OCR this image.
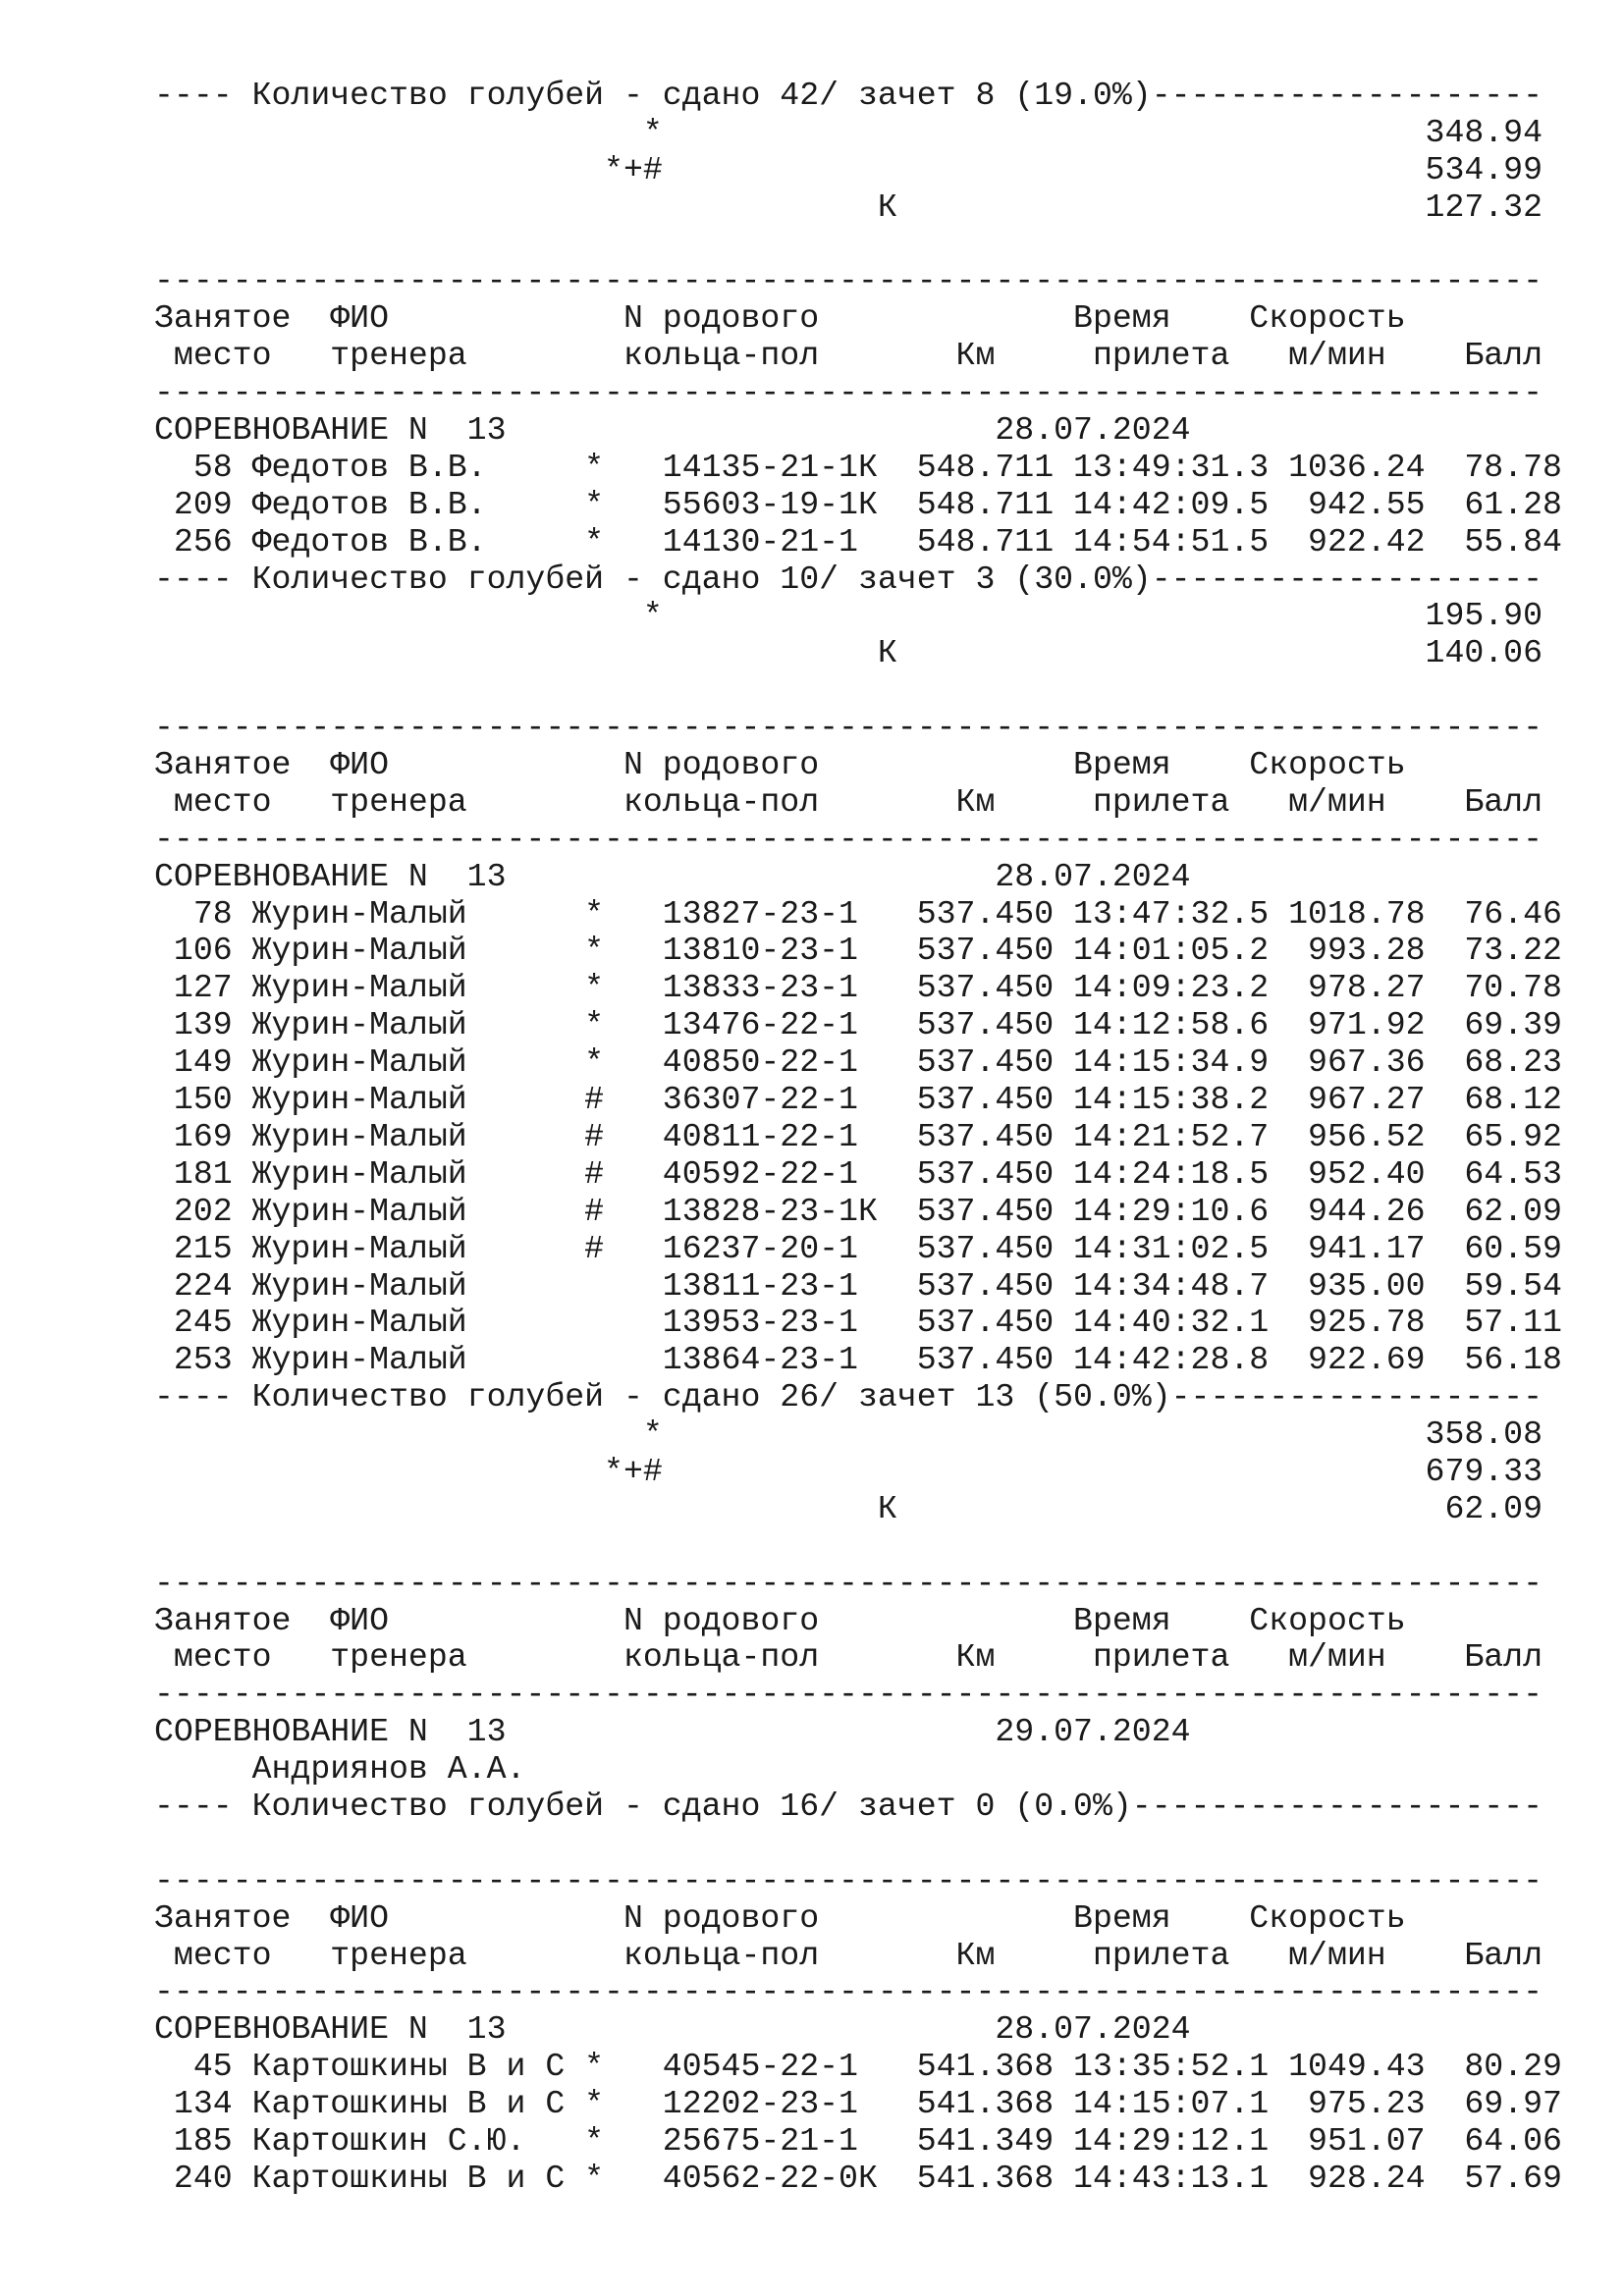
---- Количество голубей - сдано 42/ зачет 8 (19.0%)--------------------
*                                       348.94
*+#                                       534.99
К                           127.32

-----------------------------------------------------------------------
Занятое  ФИО            N родового             Время    Скорость
место   тренера        кольца-пол       Км     прилета   м/мин    Балл
-----------------------------------------------------------------------
СОРЕВНОВАНИЕ N  13                         28.07.2024
58 Федотов В.В.     *   14135-21-1К  548.711 13:49:31.3 1036.24  78.78
209 Федотов В.В.     *   55603-19-1К  548.711 14:42:09.5  942.55  61.28
256 Федотов В.В.     *   14130-21-1   548.711 14:54:51.5  922.42  55.84
---- Количество голубей - сдано 10/ зачет 3 (30.0%)--------------------
*                                       195.90
К                           140.06

-----------------------------------------------------------------------
Занятое  ФИО            N родового             Время    Скорость
место   тренера        кольца-пол       Км     прилета   м/мин    Балл
-----------------------------------------------------------------------
СОРЕВНОВАНИЕ N  13                         28.07.2024
78 Журин-Малый      *   13827-23-1   537.450 13:47:32.5 1018.78  76.46
106 Журин-Малый      *   13810-23-1   537.450 14:01:05.2  993.28  73.22
127 Журин-Малый      *   13833-23-1   537.450 14:09:23.2  978.27  70.78
139 Журин-Малый      *   13476-22-1   537.450 14:12:58.6  971.92  69.39
149 Журин-Малый      *   40850-22-1   537.450 14:15:34.9  967.36  68.23
150 Журин-Малый      #   36307-22-1   537.450 14:15:38.2  967.27  68.12
169 Журин-Малый      #   40811-22-1   537.450 14:21:52.7  956.52  65.92
181 Журин-Малый      #   40592-22-1   537.450 14:24:18.5  952.40  64.53
202 Журин-Малый      #   13828-23-1К  537.450 14:29:10.6  944.26  62.09
215 Журин-Малый      #   16237-20-1   537.450 14:31:02.5  941.17  60.59
224 Журин-Малый          13811-23-1   537.450 14:34:48.7  935.00  59.54
245 Журин-Малый          13953-23-1   537.450 14:40:32.1  925.78  57.11
253 Журин-Малый          13864-23-1   537.450 14:42:28.8  922.69  56.18
---- Количество голубей - сдано 26/ зачет 13 (50.0%)-------------------
*                                       358.08
*+#                                       679.33
К                            62.09

-----------------------------------------------------------------------
Занятое  ФИО            N родового             Время    Скорость
место   тренера        кольца-пол       Км     прилета   м/мин    Балл
-----------------------------------------------------------------------
СОРЕВНОВАНИЕ N  13                         29.07.2024
Андриянов А.А.
---- Количество голубей - сдано 16/ зачет 0 (0.0%)---------------------

-----------------------------------------------------------------------
Занятое  ФИО            N родового             Время    Скорость
место   тренера        кольца-пол       Км     прилета   м/мин    Балл
-----------------------------------------------------------------------
СОРЕВНОВАНИЕ N  13                         28.07.2024
45 Картошкины В и С *   40545-22-1   541.368 13:35:52.1 1049.43  80.29
134 Картошкины В и С *   12202-23-1   541.368 14:15:07.1  975.23  69.97
185 Картошкин С.Ю.   *   25675-21-1   541.349 14:29:12.1  951.07  64.06
240 Картошкины В и С *   40562-22-0К  541.368 14:43:13.1  928.24  57.69
